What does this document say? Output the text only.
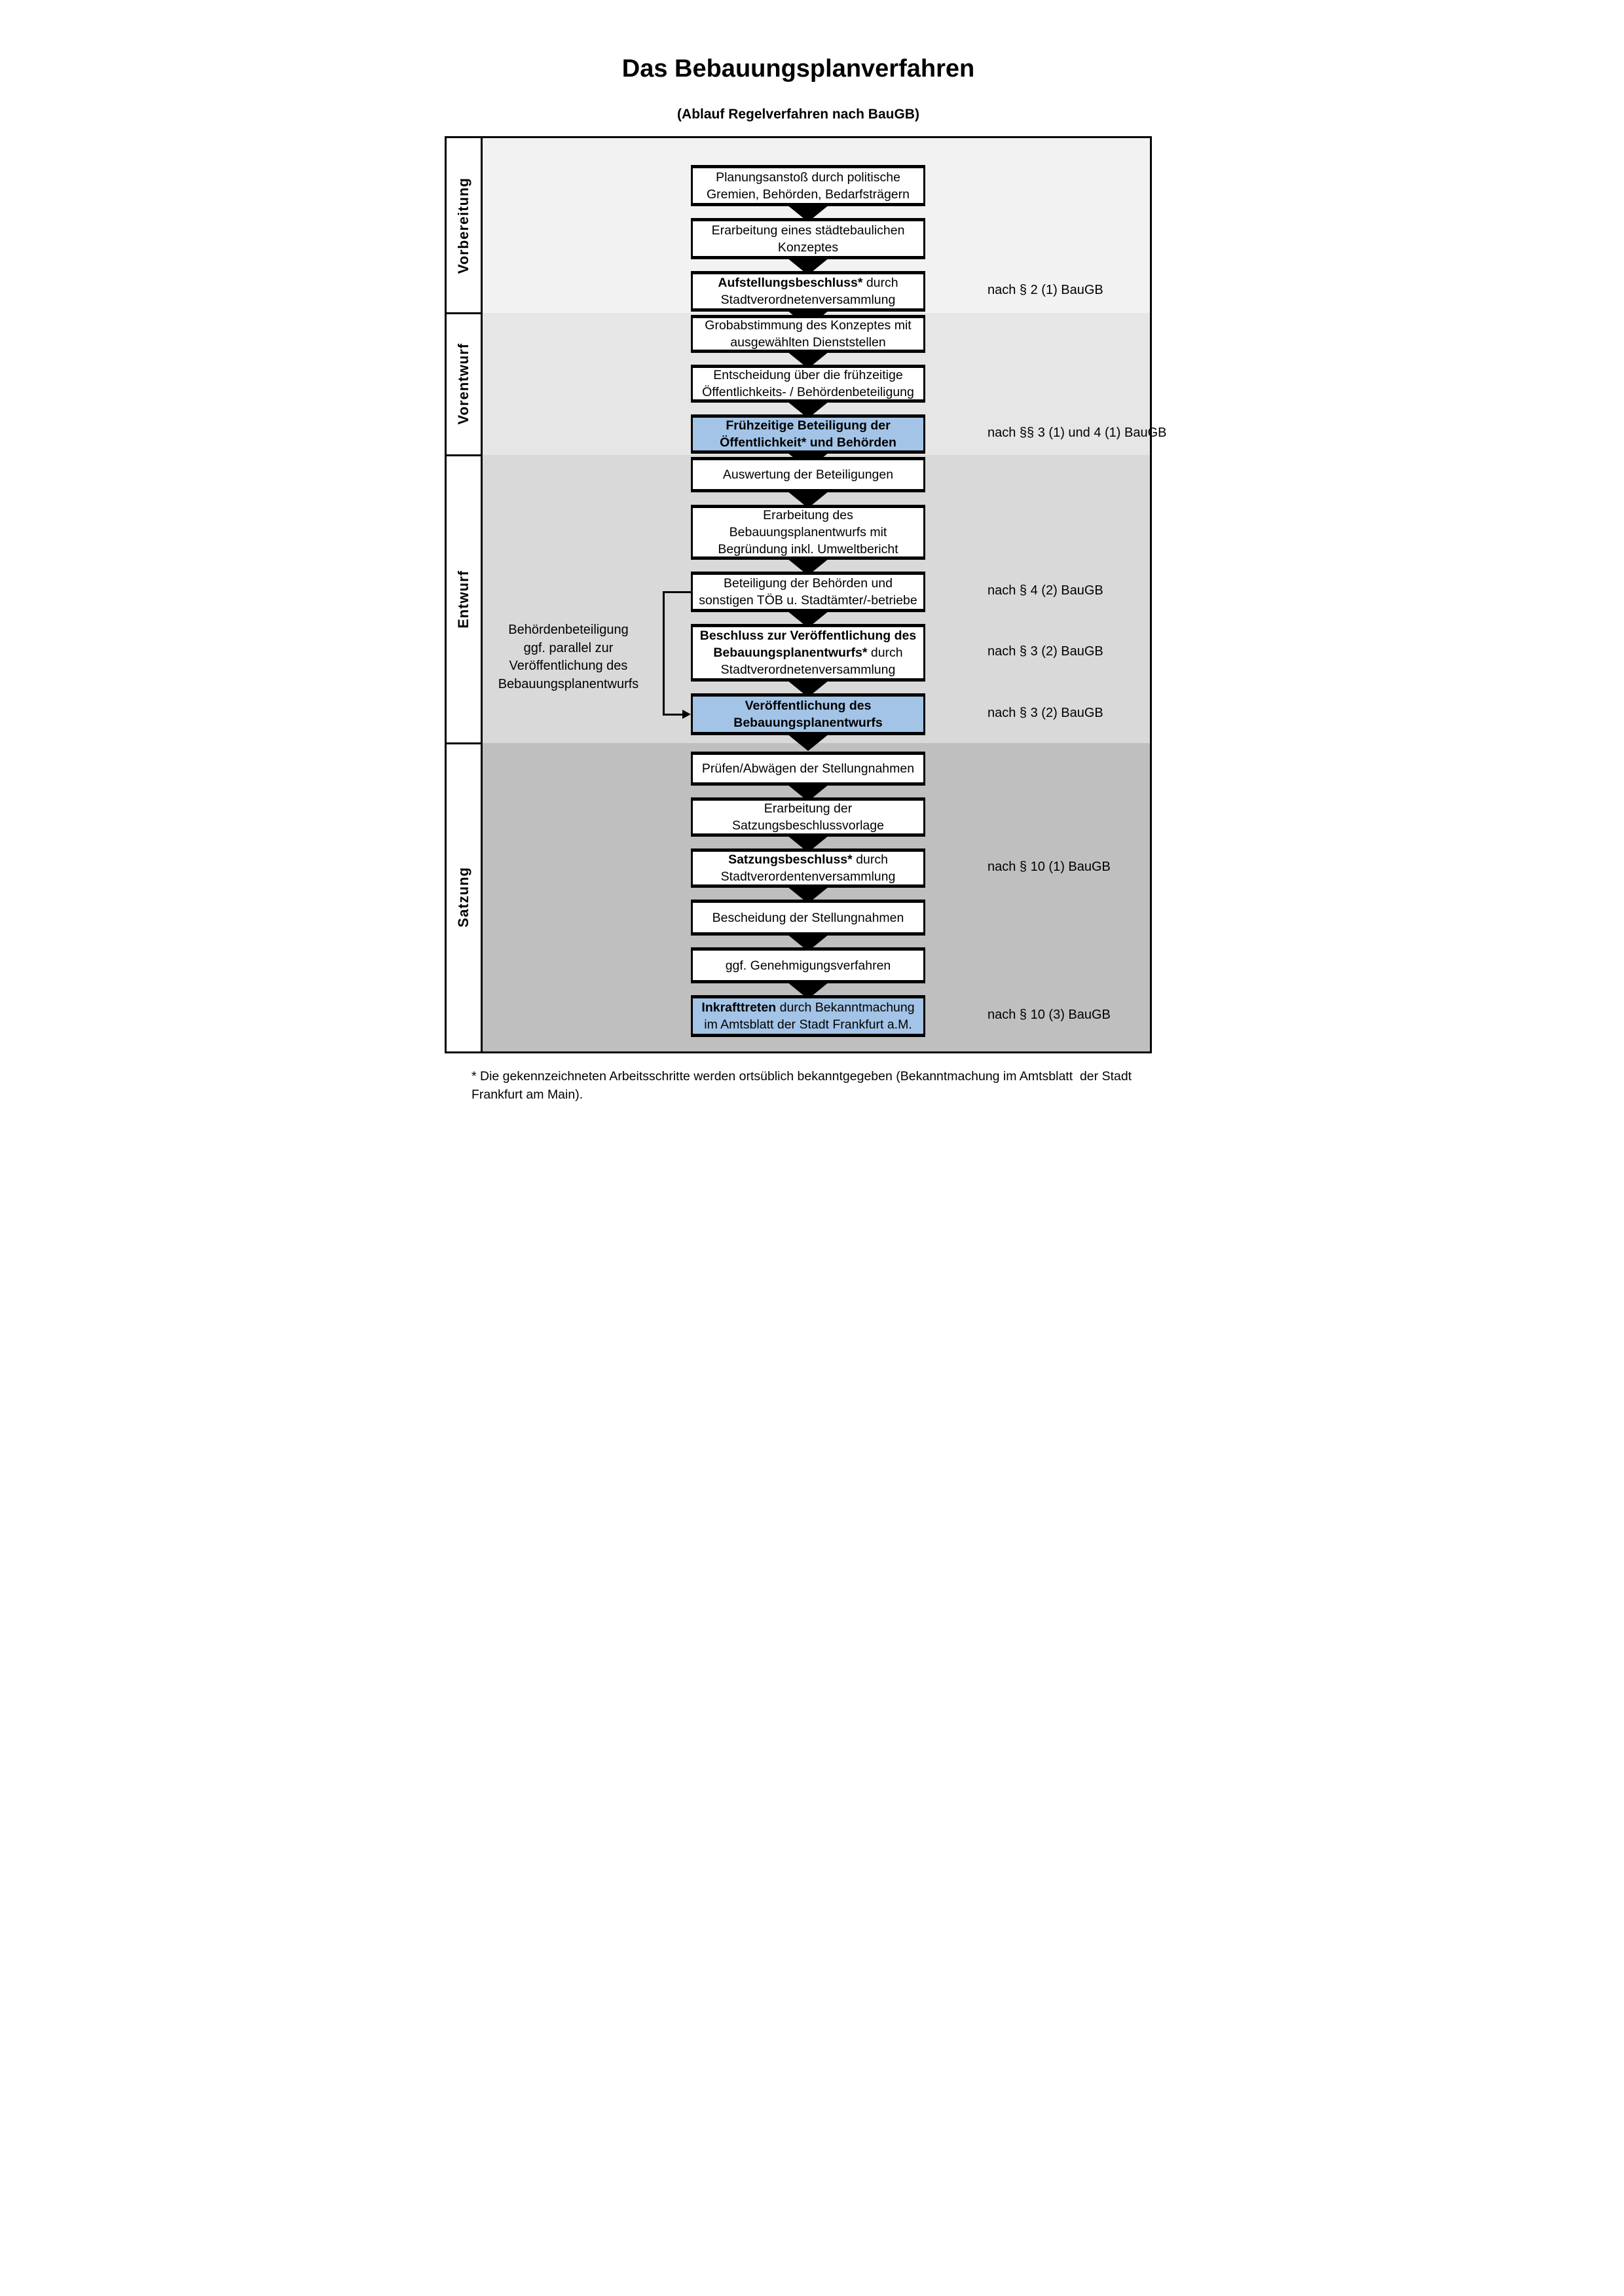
Das Bebauungsplanverfahren
(Ablauf Regelverfahren nach BauGB)
Vorbereitung
Vorentwurf
Entwurf
Satzung
Planungsanstoß durch politische
Gremien, Behörden, Bedarfsträgern
Erarbeitung eines städtebaulichen
Konzeptes
Aufstellungsbeschluss* durch
Stadtverordnetenversammlung
nach § 2 (1) BauGB
Grobabstimmung des Konzeptes mit
ausgewählten Dienststellen
Entscheidung über die frühzeitige
Öffentlichkeits- / Behördenbeteiligung
Frühzeitige Beteiligung der
Öffentlichkeit* und Behörden
nach §§ 3 (1) und 4 (1) BauGB
Auswertung der Beteiligungen
Erarbeitung des
Bebauungsplanentwurfs mit
Begründung inkl. Umweltbericht
Beteiligung der Behörden und
sonstigen TÖB u. Stadtämter/-betriebe
nach § 4 (2) BauGB
Beschluss zur Veröffentlichung des
Bebauungsplanentwurfs* durch
Stadtverordnetenversammlung
nach § 3 (2) BauGB
Veröffentlichung des
Bebauungsplanentwurfs
nach § 3 (2) BauGB
Prüfen/Abwägen der Stellungnahmen
Erarbeitung der
Satzungsbeschlussvorlage
Satzungsbeschluss* durch
Stadtverordentenversammlung
nach § 10 (1) BauGB
Bescheidung der Stellungnahmen
ggf. Genehmigungsverfahren
Inkrafttreten durch Bekanntmachung
im Amtsblatt der Stadt Frankfurt a.M.
nach § 10 (3) BauGB
Behördenbeteiligung
ggf. parallel zur
Veröffentlichung des
Bebauungsplanentwurfs
* Die gekennzeichneten Arbeitsschritte werden ortsüblich bekanntgegeben (Bekanntmachung im Amtsblatt  der Stadt
Frankfurt am Main).
